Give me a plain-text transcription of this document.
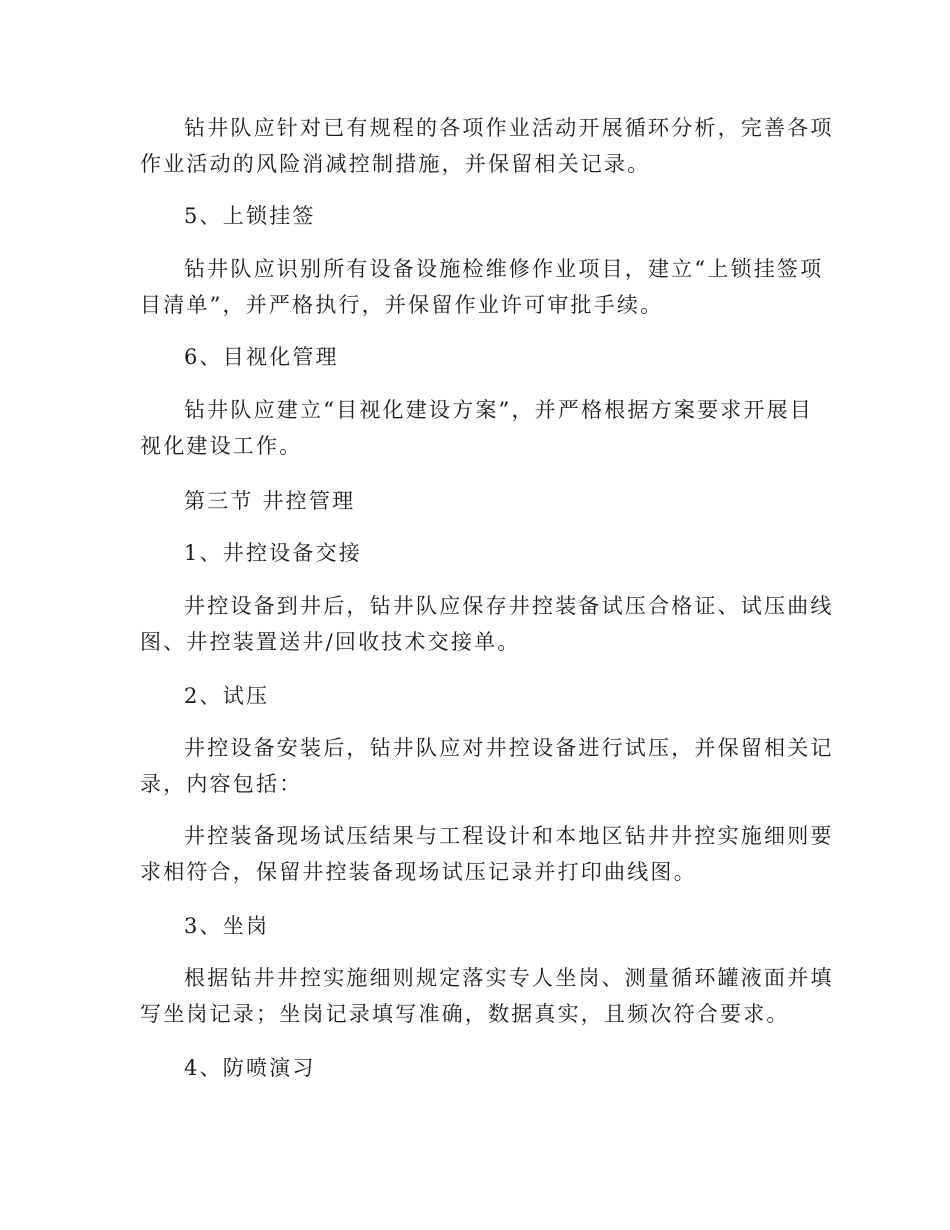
钻井队应针对已有规程的各项作业活动开展循环分析，完善各项
作业活动的风险消减控制措施，并保留相关记录。
5、上锁挂签
钻井队应识别所有设备设施检维修作业项目，建立“上锁挂签项
目清单”，并严格执行，并保留作业许可审批手续。
6、目视化管理
钻井队应建立“目视化建设方案”，并严格根据方案要求开展目
视化建设工作。
第三节 井控管理
1、井控设备交接
井控设备到井后，钻井队应保存井控装备试压合格证、试压曲线
图、井控装置送井/回收技术交接单。
2、试压
井控设备安装后，钻井队应对井控设备进行试压，并保留相关记
录，内容包括：
井控装备现场试压结果与工程设计和本地区钻井井控实施细则要
求相符合，保留井控装备现场试压记录并打印曲线图。
3、坐岗
根据钻井井控实施细则规定落实专人坐岗、测量循环罐液面并填
写坐岗记录；坐岗记录填写准确，数据真实，且频次符合要求。
4、防喷演习
